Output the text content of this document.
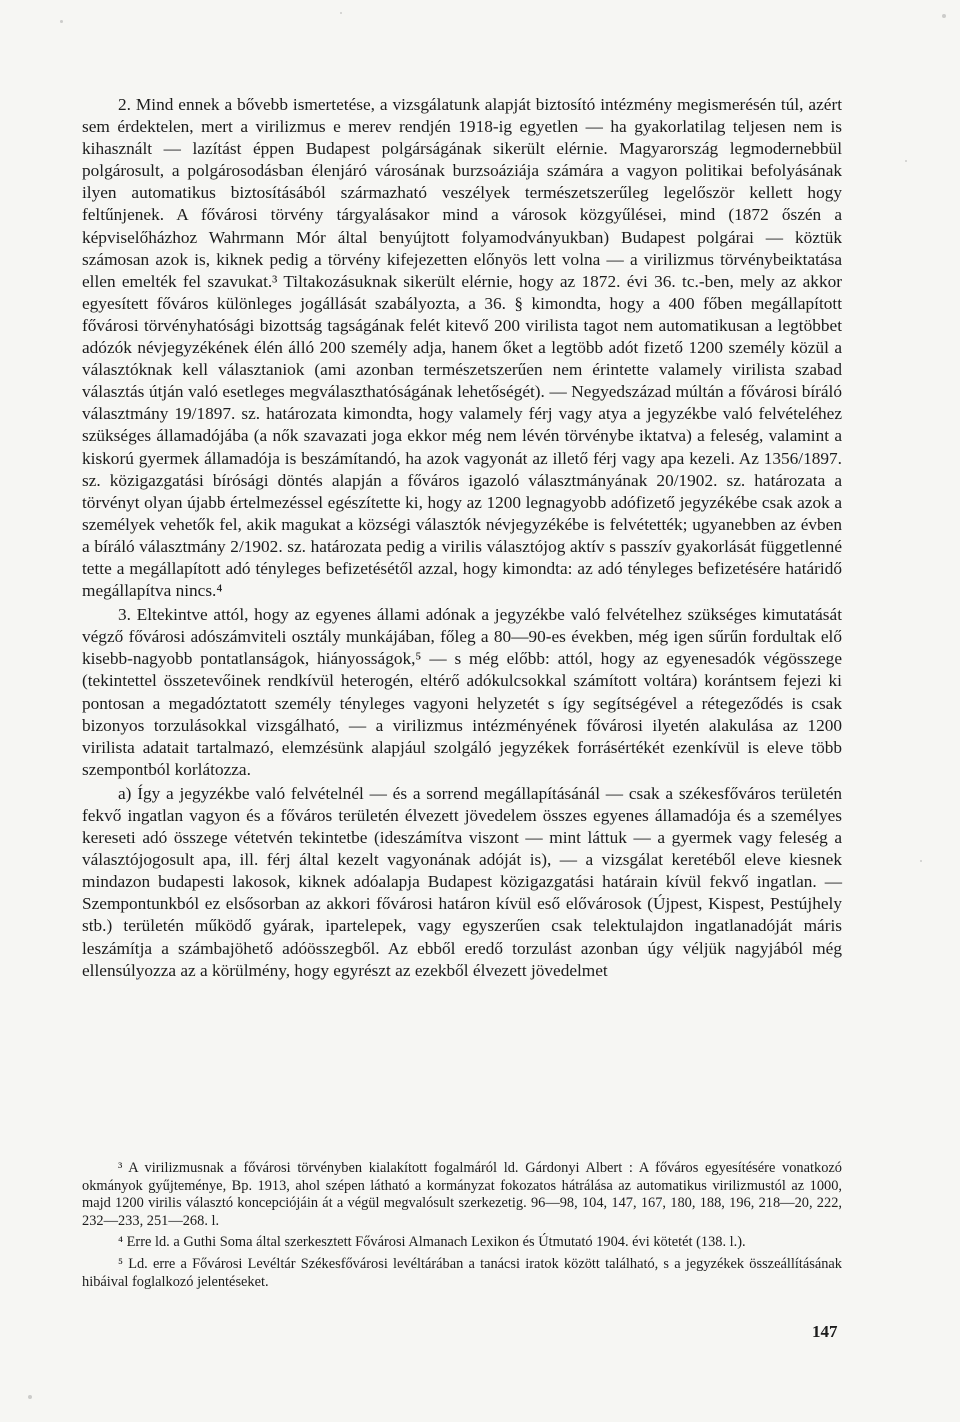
2. Mind ennek a bővebb ismertetése, a vizsgálatunk alapját biztosító intézmény megismerésén túl, azért sem érdektelen, mert a virilizmus e merev rendjén 1918-ig egyetlen — ha gyakorlatilag teljesen nem is kihasznált — lazítást éppen Budapest polgárságának sikerült elérnie. Magyarország legmodernebbül polgárosult, a polgárosodásban élenjáró városának burzsoáziája számára a vagyon politikai befolyásának ilyen automatikus biztosításából származható veszélyek természetszerűleg legelőször kellett hogy feltűnjenek. A fővárosi törvény tárgyalásakor mind a városok közgyűlései, mind (1872 őszén a képviselőházhoz Wahrmann Mór által benyújtott folyamodványukban) Budapest polgárai — köztük számosan azok is, kiknek pedig a törvény kifejezetten előnyös lett volna — a virilizmus törvénybeiktatása ellen emelték fel szavukat.³ Tiltakozásuknak sikerült elérnie, hogy az 1872. évi 36. tc.-ben, mely az akkor egyesített főváros különleges jogállását szabályozta, a 36. § kimondta, hogy a 400 főben megállapított fővárosi törvényhatósági bizottság tagságának felét kitevő 200 virilista tagot nem automatikusan a legtöbbet adózók névjegyzékének élén álló 200 személy adja, hanem őket a legtöbb adót fizető 1200 személy közül a választóknak kell választaniok (ami azonban természetszerűen nem érintette valamely virilista szabad választás útján való esetleges megválaszthatóságának lehetőségét). — Negyedszázad múltán a fővárosi bíráló választmány 19/1897. sz. határozata kimondta, hogy valamely férj vagy atya a jegyzékbe való felvételéhez szükséges államadójába (a nők szavazati joga ekkor még nem lévén törvénybe iktatva) a feleség, valamint a kiskorú gyermek államadója is beszámítandó, ha azok vagyonát az illető férj vagy apa kezeli. Az 1356/1897. sz. közigazgatási bírósági döntés alapján a főváros igazoló választmányának 20/1902. sz. határozata a törvényt olyan újabb értelmezéssel egészítette ki, hogy az 1200 legnagyobb adófizető jegyzékébe csak azok a személyek vehetők fel, akik magukat a községi választók névjegyzékébe is felvétették; ugyanebben az évben a bíráló választmány 2/1902. sz. határozata pedig a virilis választójog aktív s passzív gyakorlását függetlenné tette a megállapított adó tényleges befizetésétől azzal, hogy kimondta: az adó tényleges befizetésére határidő megállapítva nincs.⁴

3. Eltekintve attól, hogy az egyenes állami adónak a jegyzékbe való felvételhez szükséges kimutatását végző fővárosi adószámviteli osztály munkájában, főleg a 80—90-es években, még igen sűrűn fordultak elő kisebb-nagyobb pontatlanságok, hiányosságok,⁵ — s még előbb: attól, hogy az egyenesadók végösszege (tekintettel összetevőinek rendkívül heterogén, eltérő adókulcsokkal számított voltára) korántsem fejezi ki pontosan a megadóztatott személy tényleges vagyoni helyzetét s így segítségével a rétegeződés is csak bizonyos torzulásokkal vizsgálható, — a virilizmus intézményének fővárosi ilyetén alakulása az 1200 virilista adatait tartalmazó, elemzésünk alapjául szolgáló jegyzékek forrásértékét ezenkívül is eleve több szempontból korlátozza.

a) Így a jegyzékbe való felvételnél — és a sorrend megállapításánál — csak a székesfőváros területén fekvő ingatlan vagyon és a főváros területén élvezett jövedelem összes egyenes államadója és a személyes kereseti adó összege vétetvén tekintetbe (ideszámítva viszont — mint láttuk — a gyermek vagy feleség a választójogosult apa, ill. férj által kezelt vagyonának adóját is), — a vizsgálat keretéből eleve kiesnek mindazon budapesti lakosok, kiknek adóalapja Budapest közigazgatási határain kívül fekvő ingatlan. — Szempontunkból ez elsősorban az akkori fővárosi határon kívül eső elővárosok (Újpest, Kispest, Pestújhely stb.) területén működő gyárak, ipartelepek, vagy egyszerűen csak telektulajdon ingatlanadóját máris leszámítja a számbajöhető adóösszegből. Az ebből eredő torzulást azonban úgy véljük nagyjából még ellensúlyozza az a körülmény, hogy egyrészt az ezekből élvezett jövedelmet

³ A virilizmusnak a fővárosi törvényben kialakított fogalmáról ld. Gárdonyi Albert : A főváros egyesítésére vonatkozó okmányok gyűjteménye, Bp. 1913, ahol szépen látható a kormányzat fokozatos hátrálása az automatikus virilizmustól az 1000, majd 1200 virilis választó koncepciójáin át a végül megvalósult szerkezetig. 96—98, 104, 147, 167, 180, 188, 196, 218—20, 222, 232—233, 251—268. l.

⁴ Erre ld. a Guthi Soma által szerkesztett Fővárosi Almanach Lexikon és Útmutató 1904. évi kötetét (138. l.).

⁵ Ld. erre a Fővárosi Levéltár Székesfővárosi levéltárában a tanácsi iratok között található, s a jegyzékek összeállításának hibáival foglalkozó jelentéseket.

147
